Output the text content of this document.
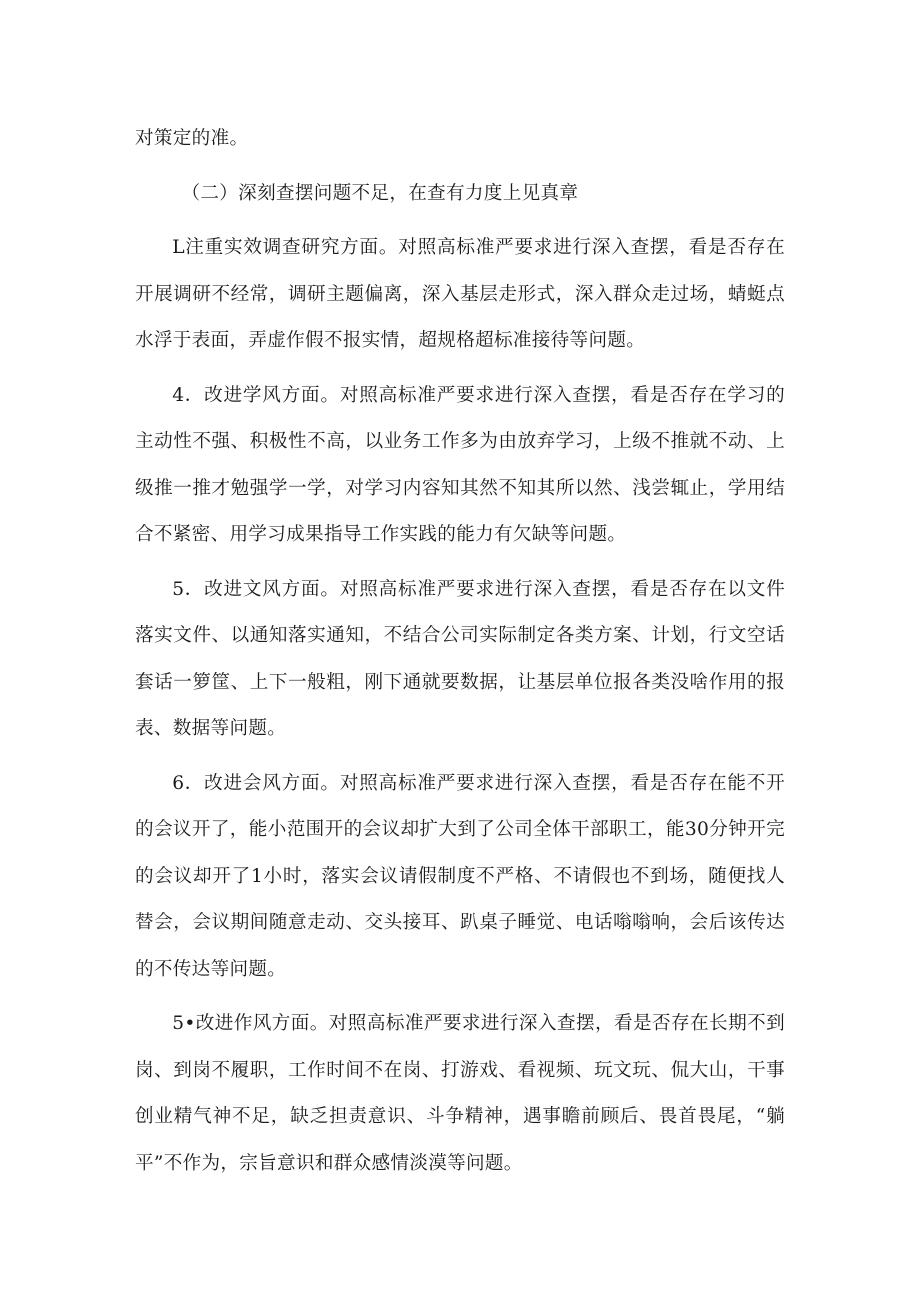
对策定的准。

（二）深刻查摆问题不足，在查有力度上见真章

L注重实效调查研究方面。对照高标准严要求进行深入查摆，看是否存在开展调研不经常，调研主题偏离，深入基层走形式，深入群众走过场，蜻蜓点水浮于表面，弄虚作假不报实情，超规格超标准接待等问题。

4．改进学风方面。对照高标准严要求进行深入查摆，看是否存在学习的主动性不强、积极性不高，以业务工作多为由放弃学习，上级不推就不动、上级推一推才勉强学一学，对学习内容知其然不知其所以然、浅尝辄止，学用结合不紧密、用学习成果指导工作实践的能力有欠缺等问题。

5．改进文风方面。对照高标准严要求进行深入查摆，看是否存在以文件落实文件、以通知落实通知，不结合公司实际制定各类方案、计划，行文空话套话一箩筐、上下一般粗，刚下通就要数据，让基层单位报各类没啥作用的报表、数据等问题。

6．改进会风方面。对照高标准严要求进行深入查摆，看是否存在能不开的会议开了，能小范围开的会议却扩大到了公司全体干部职工，能30分钟开完的会议却开了1小时，落实会议请假制度不严格、不请假也不到场，随便找人替会，会议期间随意走动、交头接耳、趴桌子睡觉、电话嗡嗡响，会后该传达的不传达等问题。

5•改进作风方面。对照高标准严要求进行深入查摆，看是否存在长期不到岗、到岗不履职，工作时间不在岗、打游戏、看视频、玩文玩、侃大山，干事创业精气神不足，缺乏担责意识、斗争精神，遇事瞻前顾后、畏首畏尾，“躺平”不作为，宗旨意识和群众感情淡漠等问题。
